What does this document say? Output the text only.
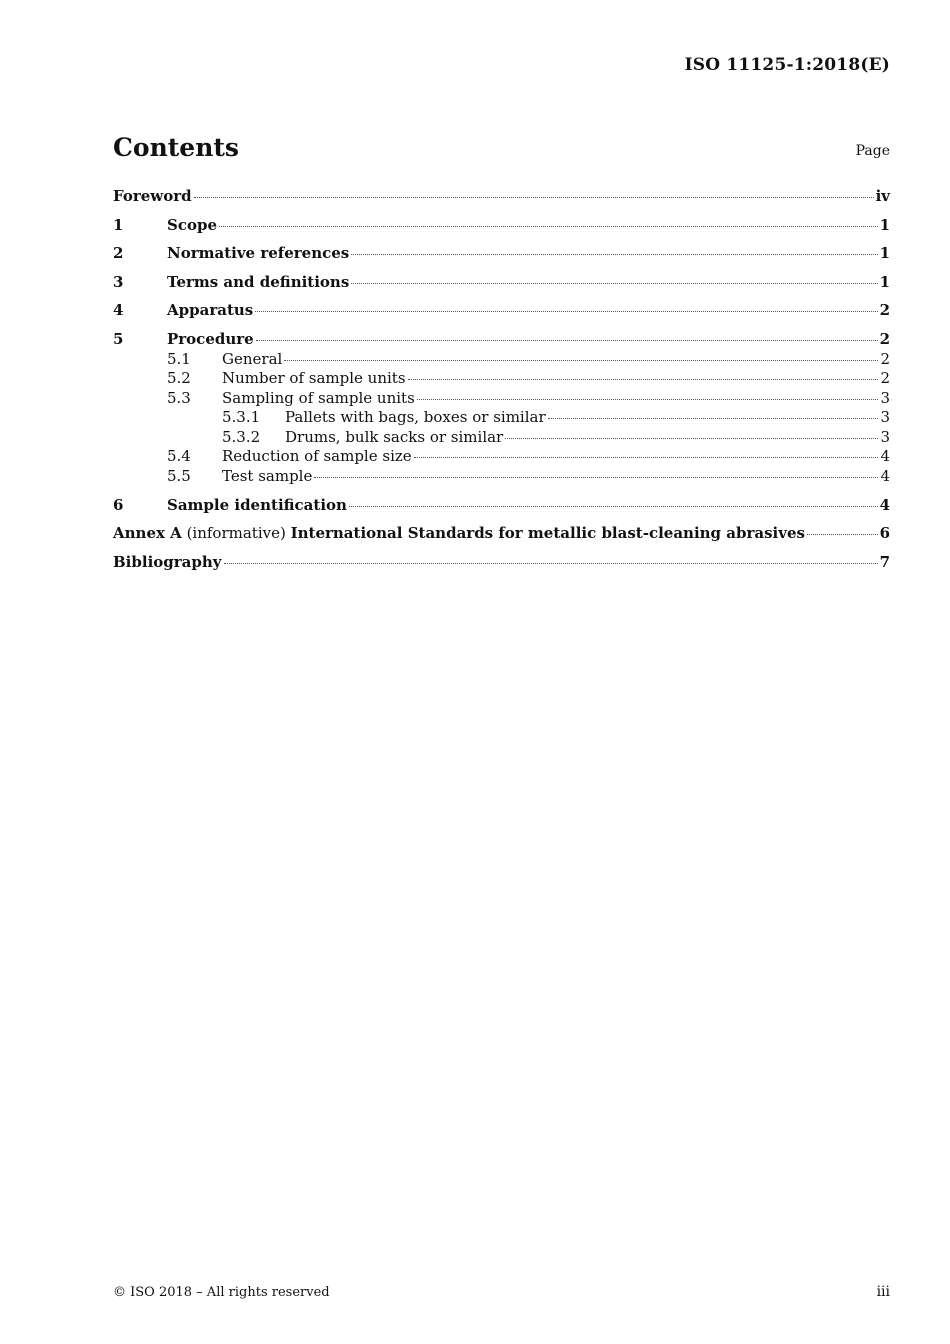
ISO 11125-1:2018(E)
Contents	Page
Foreword	iv
1	Scope	1
2	Normative references	1
3	Terms and definitions	1
4	Apparatus	2
5	Procedure	2
5.1	General	2
5.2	Number of sample units	2
5.3	Sampling of sample units	3
5.3.1	Pallets with bags, boxes or similar	3
5.3.2	Drums, bulk sacks or similar	3
5.4	Reduction of sample size	4
5.5	Test sample	4
6	Sample identification	4
Annex A (informative) International Standards for metallic blast-cleaning abrasives	6
Bibliography	7
© ISO 2018 – All rights reserved	iii
